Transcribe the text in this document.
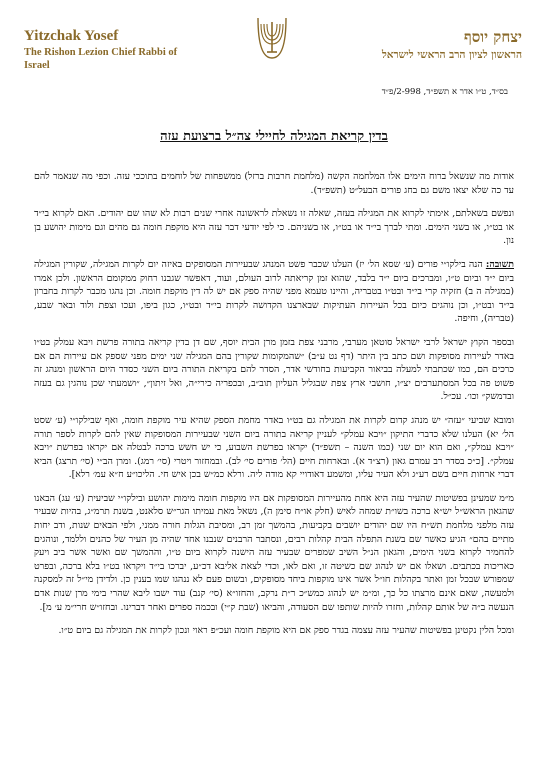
Yitzchak Yosef
The Rishon Lezion Chief Rabbi of Israel
יצחק יוסף
הראשון לציון הרב הראשי לישראל
בס״ד, ט״ו אדר א תשפ״ד, 2-998/פ״ד
בדין קריאת המגילה לחיילי צה״ל ברצועת עזה

אודות מה שנשאל ברוח הימים אלו המלחמה הקשה (מלחמת חרבות ברזל) ממשפחות של לוחמים בתוככי עזה. וכפי מה שנאמר להם עד כה שלא יצאו משם גם בחג פורים הבעל״ט (תשפ״ד).

ונפשם בשאלתם, אימתי לקרוא את המגילה בעזה, שאלה זו נשאלת לראשונה אחרי שנים רבות לא שהו שם יהודים. האם לקרוא בי״ד או בט״ו, או בשני הימים. ומתי לברך בי״ד או בט״ו, או בשניהם. כי לפי יודעי דבר עזה היא מוקפת חומה גם מהים וגם מימות יהושע בן נון.

תשובה: הנה בילקו״י פורים (ע׳ שסא הל׳ יז) העלנו שכבר פשט המנהג שבעיירות המסופקים באיזה יום לקרות המגילה, שקורין המגילה ביום י״ד וביום ט״ו, ומברכים ביום י״ד בלבד, שהוא זמן קריאתה לרוב העולם, ועוד, דאפשר שגבנו רחוק ממקומם הראשון. ולכן אמרו (במגילה ה ב) חזקיה קרי בי״ד ובט״ו בטבריה, והיינו טעמא מפני שהיה ספק אם יש לה דין מוקפת חומה. וכן נהגו מכבר לקרות בחברון בי״ד ובט״ו, וכן נוהגים כיום בכל העיירות העתיקות שבארצנו הקדושה לקרות בי״ד ובט״ו, כגון ביפו, ועכו וצפת ולוד ובאר שבע, (טבריה), וחיפה.

ובספר הקוץ ישראל לרבי ישראל סוטאן מערבי, מרבני צפת בזמן מרן הבית יוסף, שם דן בדין קריאה בתורה פרשת ויבא עמלק בט״ו באדר לעיירות מסופקות ושם כתב בין היתר (דף נט ע״ב) ״שהמקומות שקורין בהם המגילה שני ימים מפני שספק אם עיירות הם אם כרכים הם, כמו שכתבתי למעלה בביאור הקביעות בחודשי אדר, הסדר להם בקריאת התורה ביום השני כסדר היום הראשון ומנהג זה פשוט פה בכל המסתערבים יצ״ו, חושבי ארץ צפת שבגליל העליון תוב״ב, ובכפריה כירי״ה, ואל זיתון״, ״ושמעתי שכן נוהגין גם בעזה ובדמשק״ וכו׳. עכ״ל.

ומובא שביעי ״עזה״ יש מנהג קדום לקרות את המגילה גם בט״ו באדר מחמת הספק שהיא עיר מוקפת חומה, ואף שבילקו״י (ע׳ שסט הל׳ יא) העלנו שלא כדברי התיקון ״ויבא עמלק״ לעניין קריאה בתורה ביום השני שבעיירות המסופקות שאין להם לקרות לספר תורה ״ויבא עמלק״, ואם הוא יום שני (כמו השנה – תשפ״ד) יקראו בפרשת השבוע, כי יש חשש ברכה לבטלה אם יקראו בפרשת ״ויבא עמלק״. [כ״כ בסדר רב עמרם גאון (רצ״ד א). ובארחות חיים (הל׳ פורים סי׳ לב). ובמחזור ויטרי (סי׳ רמג). ומרן הב״י (סי׳ תרצג) הביא דברי ארחות חיים בשם רע״ג ולא העיר עליו, ומשמע דאודויי קא מודה ליה. ורלא כמ״ש בכן איש חי. הליכו״ע ח״א עמ׳ רלא].

מ״מ שמעינן בפשיטות שהעיר עזה היא אחת מהעיירות המסופקות אם היו מוקפות חומה מימות יהושע ובילקו״י שביעית (ע׳ עג) הבאנו שהגאון הראש״ל יש״א ברכה בשו״ת שמחה לאיש (חלק או״ח סימן ה), נשאל מאת עמיתו הגר״ש סלאנט, בשנת תרמ״ג, בהיות שבעיר עזה מלפני מלחמת תש״ח היו שם יהודים יושבים בקביעות, בהמשך זמן רב, ומסיבת הגלות חורה ממני, ולפי הבאים שנות, ודב יחות מתיים בהם״ הגיע כאשר שם בשנת התפלה הבית קהלות רבים, ונסתבר הרבנים שנבנו אחד שהיה מן העיר של כהנים וללמד, ונוהגים להחמיר לקרוא בשני הימים, והגאון הנ״ל השיב שמפרים שבעיר עזה הישנה לקרוא ביום ט״ו, וההמשך שם ואשר אשר ביב ויעק כאריכות בכתבים. ושאלו אם יש לנהוג שם כשיטה זו, ואם לאו, וכדי לצאת אליבא דכ״ע, יברכו בי״ד ויקראו בט״ו בלא ברכה, ובפרט שמפורש שבכל זמן ואתר בקהלות חו״ל אשר אינו מוקפות ביחד מסופקים, ובשום פעם לא ננהגו שמו בענין כן. ולדידן מי״ל זה למסקנה ולמעשה, שאם אינם מרצתו כל כך, ומ״מ יש לנהוג כמש״כ ר״ת נרקב, והחזו״א (סי׳ קנב) עוד ישבו ליבא שהרי בימי מרן שנות אדם הנעשה ב״ה של אותם קהלות, וחזרו להיות שותפו שם הסעודה, והביאו (שבת ק״י) ובכמה ספרים ואחר דברינו. ובחזו״ש חרי״מ ע׳ מ].

ומכל הלין נקטינן בפשיטות שהעיר עזה עצמה בגדר ספק אם היא מוקפת חומה ועכ״פ ראוי ונכון לקרות את המגילה גם ביום ט״ו.
